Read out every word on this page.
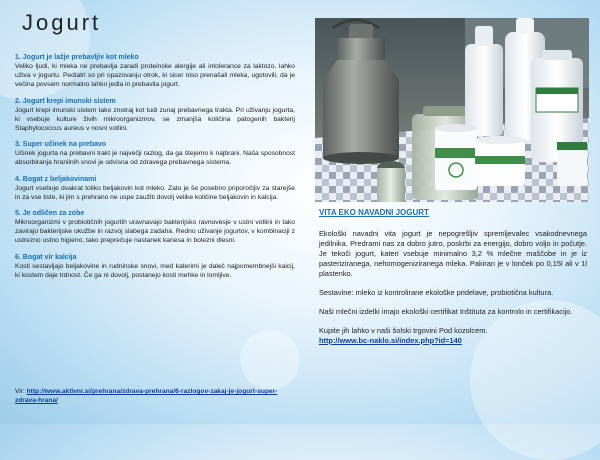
Jogurt

1. Jogurt je lažje prebavljiv kot mleko

Veliko ljudi, ki mleka ne prebavlja zaradi proteinske alergije ali intolerance za laktozo, lahko uživa v jogurtu. Pediatri so pri opazovanju otrok, ki sicer niso prenašali mleka, ugotovili, da je večina povsem normalno lahko jedla in prebavila jogurt.

2. Jogurt krepi imunski sistem

Jogurt krepi imunski sistem tako znotraj kot tudi zunaj prebavnega trakta. Pri uživanju jogurta, ki vsebuje kulture živih mikroorganizmov, se zmanjša količina patogenih bakterij Staphylococcus aureus v nosni votlini.

3. Super učinek na prebavo

Učinek jogurta na prebavni trakt je največji razlog, da ga štejemo k najbrani. Naša sposobnost absorbiranja hranilnih snovi je odvisna od zdravega prebavnega sistema.

4. Bogat z beljakovinami

Jogurt vsebuje dvakrat toliko beljakovin kot mleko. Zato je še posebno priporočljiv za starejše in za vse tiste, ki jim s prehrano ne uspe zaužiti dovolj velike količine beljakovin in kalcija.

5. Je odličen za zobe

Mikroorganizmi v probiotičnih jogurtih uravnavajo bakterijsko ravnovesje v ustni votlini in tako zavirajo bakterijske okužbe in razvoj slabega zadaha. Redno uživanje jogurtov, v kombinaciji z ustrezno ustno higieno, tako preprečuje nastanek kariesa in bolezni dlesni.

6. Bogat vir kalcija

Kosti sestavljajo beljakovine in rudninske snovi, med katerimi je daleč najpomembnejši kalcij, ki kostem daje trdnost. Če ga ni dovolj, postanejo kosti mehke in lomljive.

Vir: http://www.aktivni.si/prehrana/zdrava-prehrana/6-razlogov-zakaj-je-jogurt-super-zdrava-hrana/

VITA EKO NAVADNI JOGURT

Ekološki navadni vita jogurt je nepogrešljiv spremljevalec vsakodnevnega jedilnika. Predrami nas za dobro jutro, poskrbi za energijo, dobro voljo in počutje. Je tekoči jogurt, kateri vsebuje minimalno 3,2 % mlečne maščobe in je iz pasteriziranega, nehomogeniziranega mleka. Pakiran je v lonček po 0,15l ali v 1l plastenko.

Sestavine: mleko iz kontrolirane ekološke pridelave, probiotična kultura.

Naši mlečni izdelki imajo ekološki certifikat Inštituta za kontrolo in certifikacijo.

Kupite jih lahko v naši šolski trgovini Pod kozolcem.
http://www.bc-naklo.si/index.php?id=140
